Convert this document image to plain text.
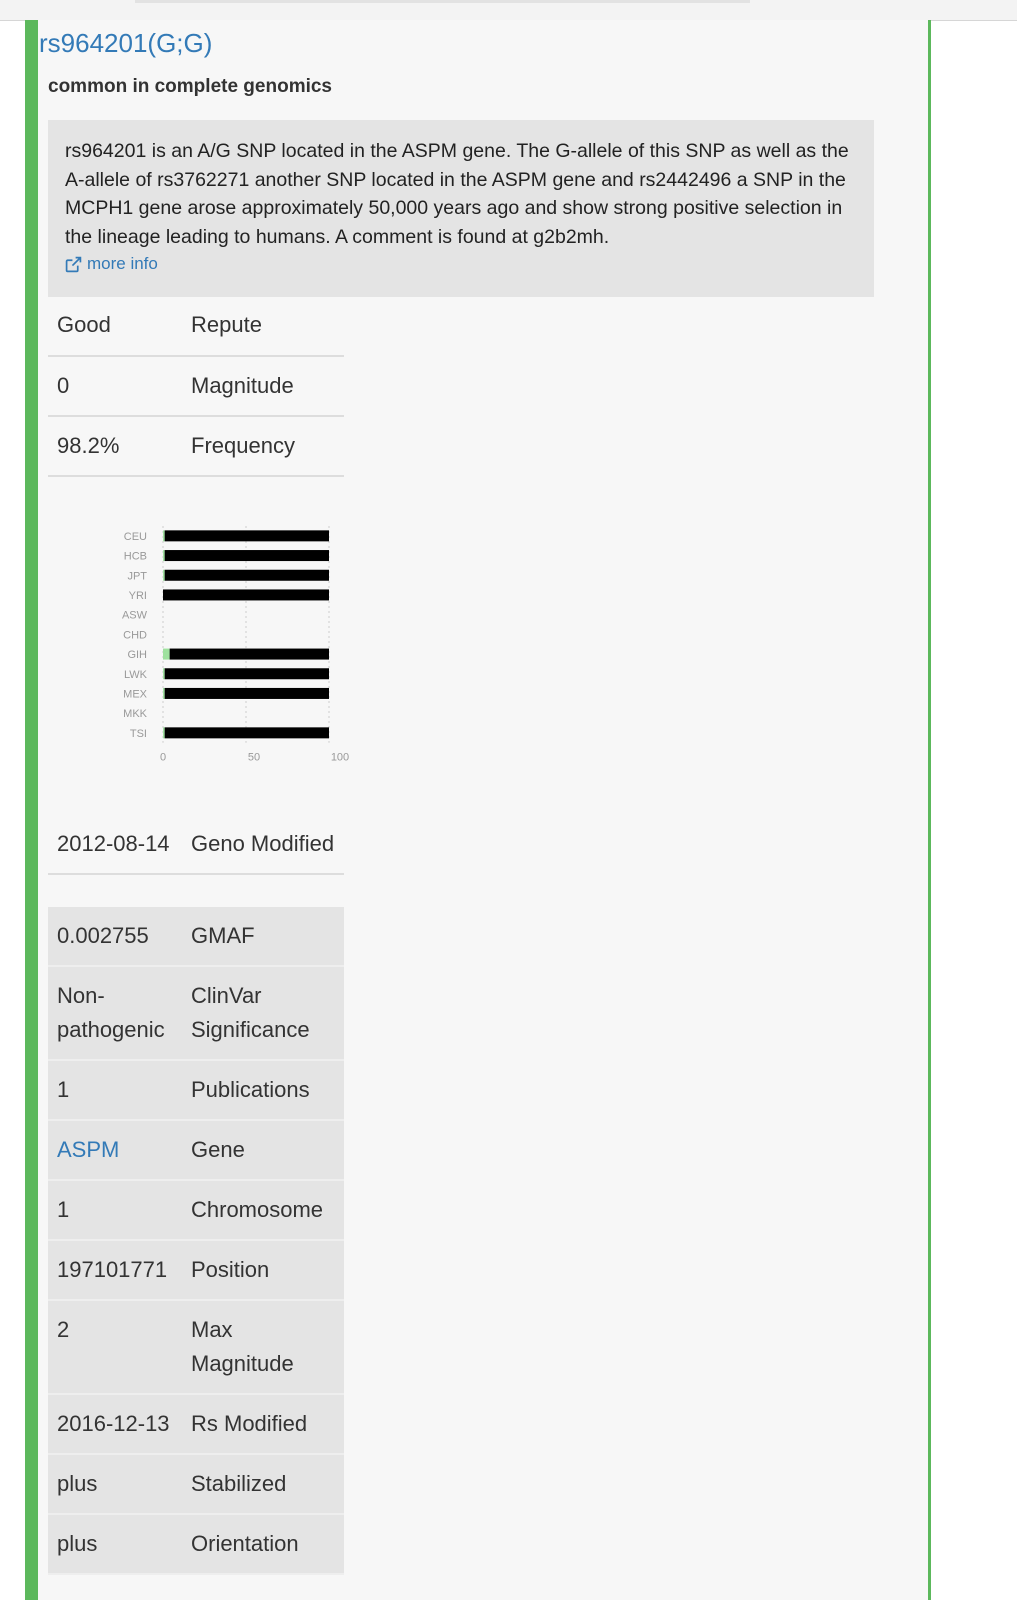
rs964201(G;G)
common in complete genomics
rs964201 is an A/G SNP located in the ASPM gene. The G-allele of this SNP as well as the A-allele of rs3762271 another SNP located in the ASPM gene and rs2442496 a SNP in the MCPH1 gene arose approximately 50,000 years ago and show strong positive selection in the lineage leading to humans. A comment is found at g2b2mh.
more info
Good	Repute
0	Magnitude
98.2%	Frequency
0	50	100
CEU
HCB
JPT
YRI
ASW
CHD
GIH
LWK
MEX
MKK
TSI
2012-08-14	Geno Modified
0.002755	GMAF
Non-pathogenic	ClinVar Significance
1	Publications
ASPM	Gene
1	Chromosome
197101771	Position
2	Max Magnitude
2016-12-13	Rs Modified
plus	Stabilized
plus	Orientation
